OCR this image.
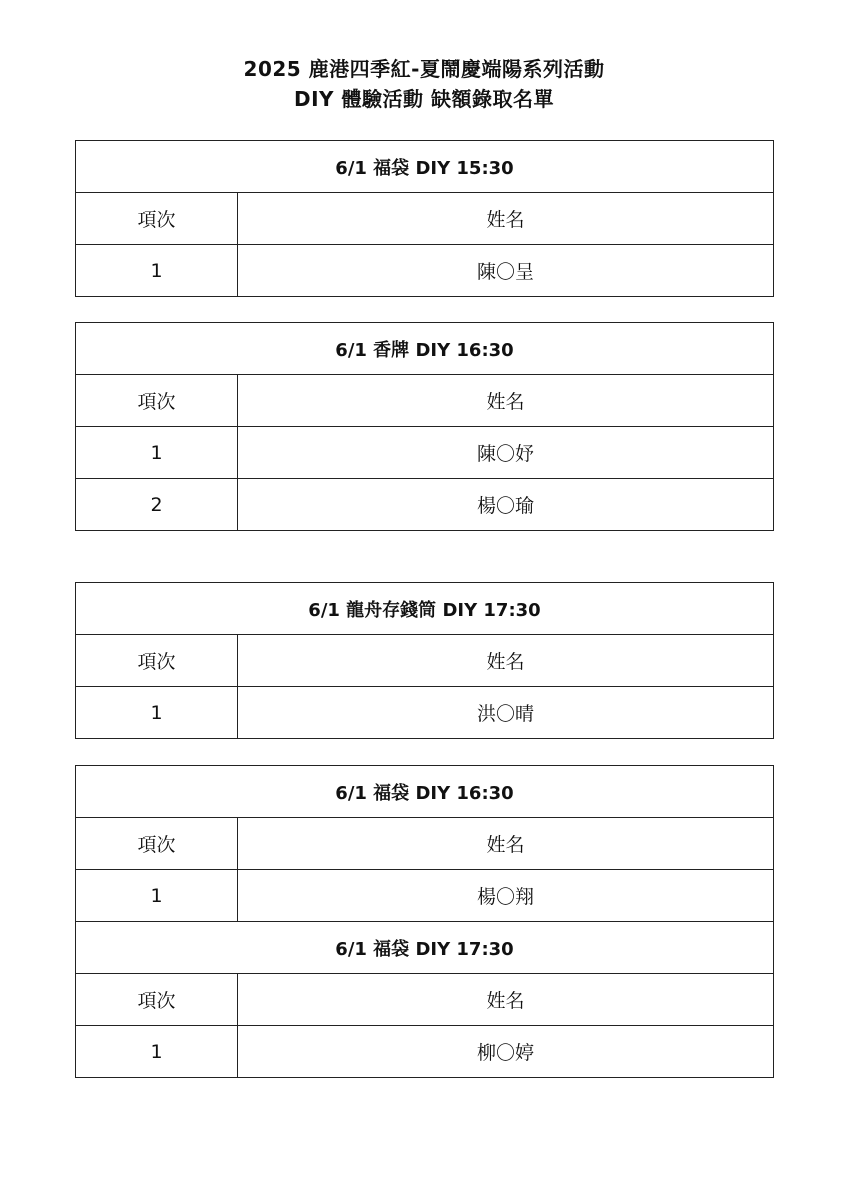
2025 鹿港四季紅-夏鬧慶端陽系列活動
DIY 體驗活動 缺額錄取名單
6/1 福袋 DIY 15:30	
項次	姓名
1	陳〇呈
6/1 香牌 DIY 16:30	
項次	姓名
1	陳〇妤
2	楊〇瑜
6/1 龍舟存錢筒 DIY 17:30	
項次	姓名
1	洪〇晴
6/1 福袋 DIY 16:30	
項次	姓名
1	楊〇翔
6/1 福袋 DIY 17:30	
項次	姓名
1	柳〇婷
